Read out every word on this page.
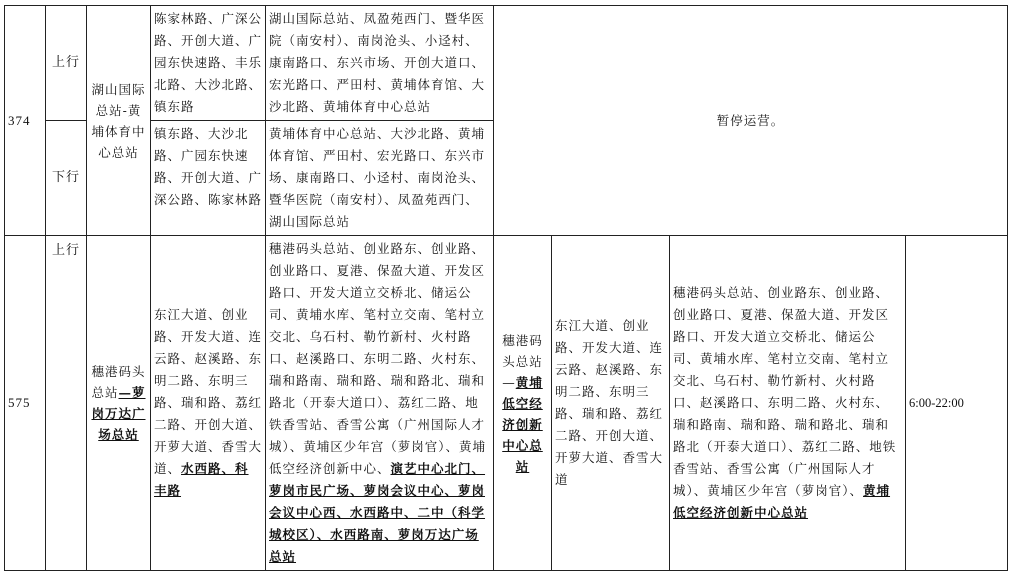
374	上行	湖山国际总站-黄埔体育中心总站	陈家林路、广深公路、开创大道、广园东快速路、丰乐北路、大沙北路、镇东路	湖山国际总站、凤盈苑西门、暨华医院（南安村）、南岗沧头、小迳村、康南路口、东兴市场、开创大道口、宏光路口、严田村、黄埔体育馆、大沙北路、黄埔体育中心总站	暂停运营。			
	下行		镇东路、大沙北路、广园东快速路、开创大道、广深公路、陈家林路	黄埔体育中心总站、大沙北路、黄埔体育馆、严田村、宏光路口、东兴市场、康南路口、小迳村、南岗沧头、暨华医院（南安村）、凤盈苑西门、湖山国际总站				
575	上行	穗港码头总站—萝岗万达广场总站	东江大道、创业路、开发大道、连云路、赵溪路、东明二路、东明三路、瑞和路、荔红二路、开创大道、开萝大道、香雪大道、水西路、科丰路	穗港码头总站、创业路东、创业路、创业路口、夏港、保盈大道、开发区路口、开发大道立交桥北、储运公司、黄埔水库、笔村立交南、笔村立交北、乌石村、勒竹新村、火村路口、赵溪路口、东明二路、火村东、瑞和路南、瑞和路、瑞和路北、瑞和路北（开泰大道口）、荔红二路、地铁香雪站、香雪公寓（广州国际人才城）、黄埔区少年宫（萝岗官）、黄埔低空经济创新中心、演艺中心北门、萝岗市民广场、萝岗会议中心、萝岗会议中心西、水西路中、二中（科学城校区）、水西路南、萝岗万达广场总站	穗港码头总站—黄埔低空经济创新中心总站	东江大道、创业路、开发大道、连云路、赵溪路、东明二路、东明三路、瑞和路、荔红二路、开创大道、开萝大道、香雪大道	穗港码头总站、创业路东、创业路、创业路口、夏港、保盈大道、开发区路口、开发大道立交桥北、储运公司、黄埔水库、笔村立交南、笔村立交北、乌石村、勒竹新村、火村路口、赵溪路口、东明二路、火村东、瑞和路南、瑞和路、瑞和路北、瑞和路北（开泰大道口）、荔红二路、地铁香雪站、香雪公寓（广州国际人才城）、黄埔区少年宫（萝岗官）、黄埔低空经济创新中心总站	6:00-22:00
